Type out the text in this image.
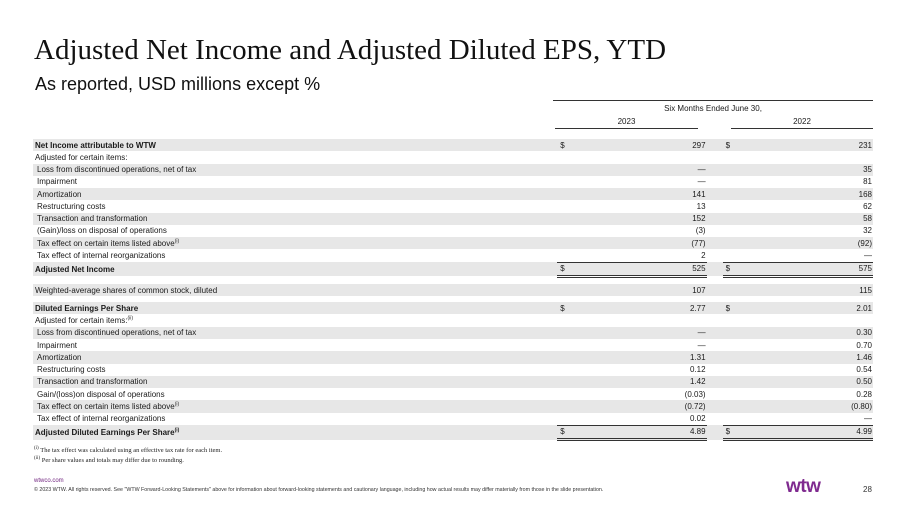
Adjusted Net Income and Adjusted Diluted EPS, YTD
As reported, USD millions except %
Six Months Ended June 30,
2023	2022
Net Income attributable to WTW	$	297		$	231
Adjusted for certain items:					
Loss from discontinued operations, net of tax		—			35
Impairment		—			81
Amortization		141			168
Restructuring costs		13			62
Transaction and transformation		152			58
(Gain)/loss on disposal of operations		(3)			32
Tax effect on certain items listed above$^{(i)}$		(77)			(92)
Tax effect of internal reorganizations		2			—
Adjusted Net Income	$	525		$	575

Weighted-average shares of common stock, diluted		107			115

Diluted Earnings Per Share	$	2.77		$	2.01
Adjusted for certain items:$^{(ii)}$					
Loss from discontinued operations, net of tax		—			0.30
Impairment		—			0.70
Amortization		1.31			1.46
Restructuring costs		0.12			0.54
Transaction and transformation		1.42			0.50
Gain/(loss)on disposal of operations		(0.03)			0.28
Tax effect on certain items listed above$^{(i)}$		(0.72)			(0.80)
Tax effect of internal reorganizations		0.02			—
Adjusted Diluted Earnings Per Share$^{(i)}$	$	4.89		$	4.99
$^{(i)}$ The tax effect was calculated using an effective tax rate for each item.
$^{(ii)}$ Per share values and totals may differ due to rounding.
wtwco.com
© 2023 WTW. All rights reserved. See "WTW Forward-Looking Statements" above for information about forward-looking statements and cautionary language, including how actual results may differ materially from those in the slide presentation.	wtw	28
